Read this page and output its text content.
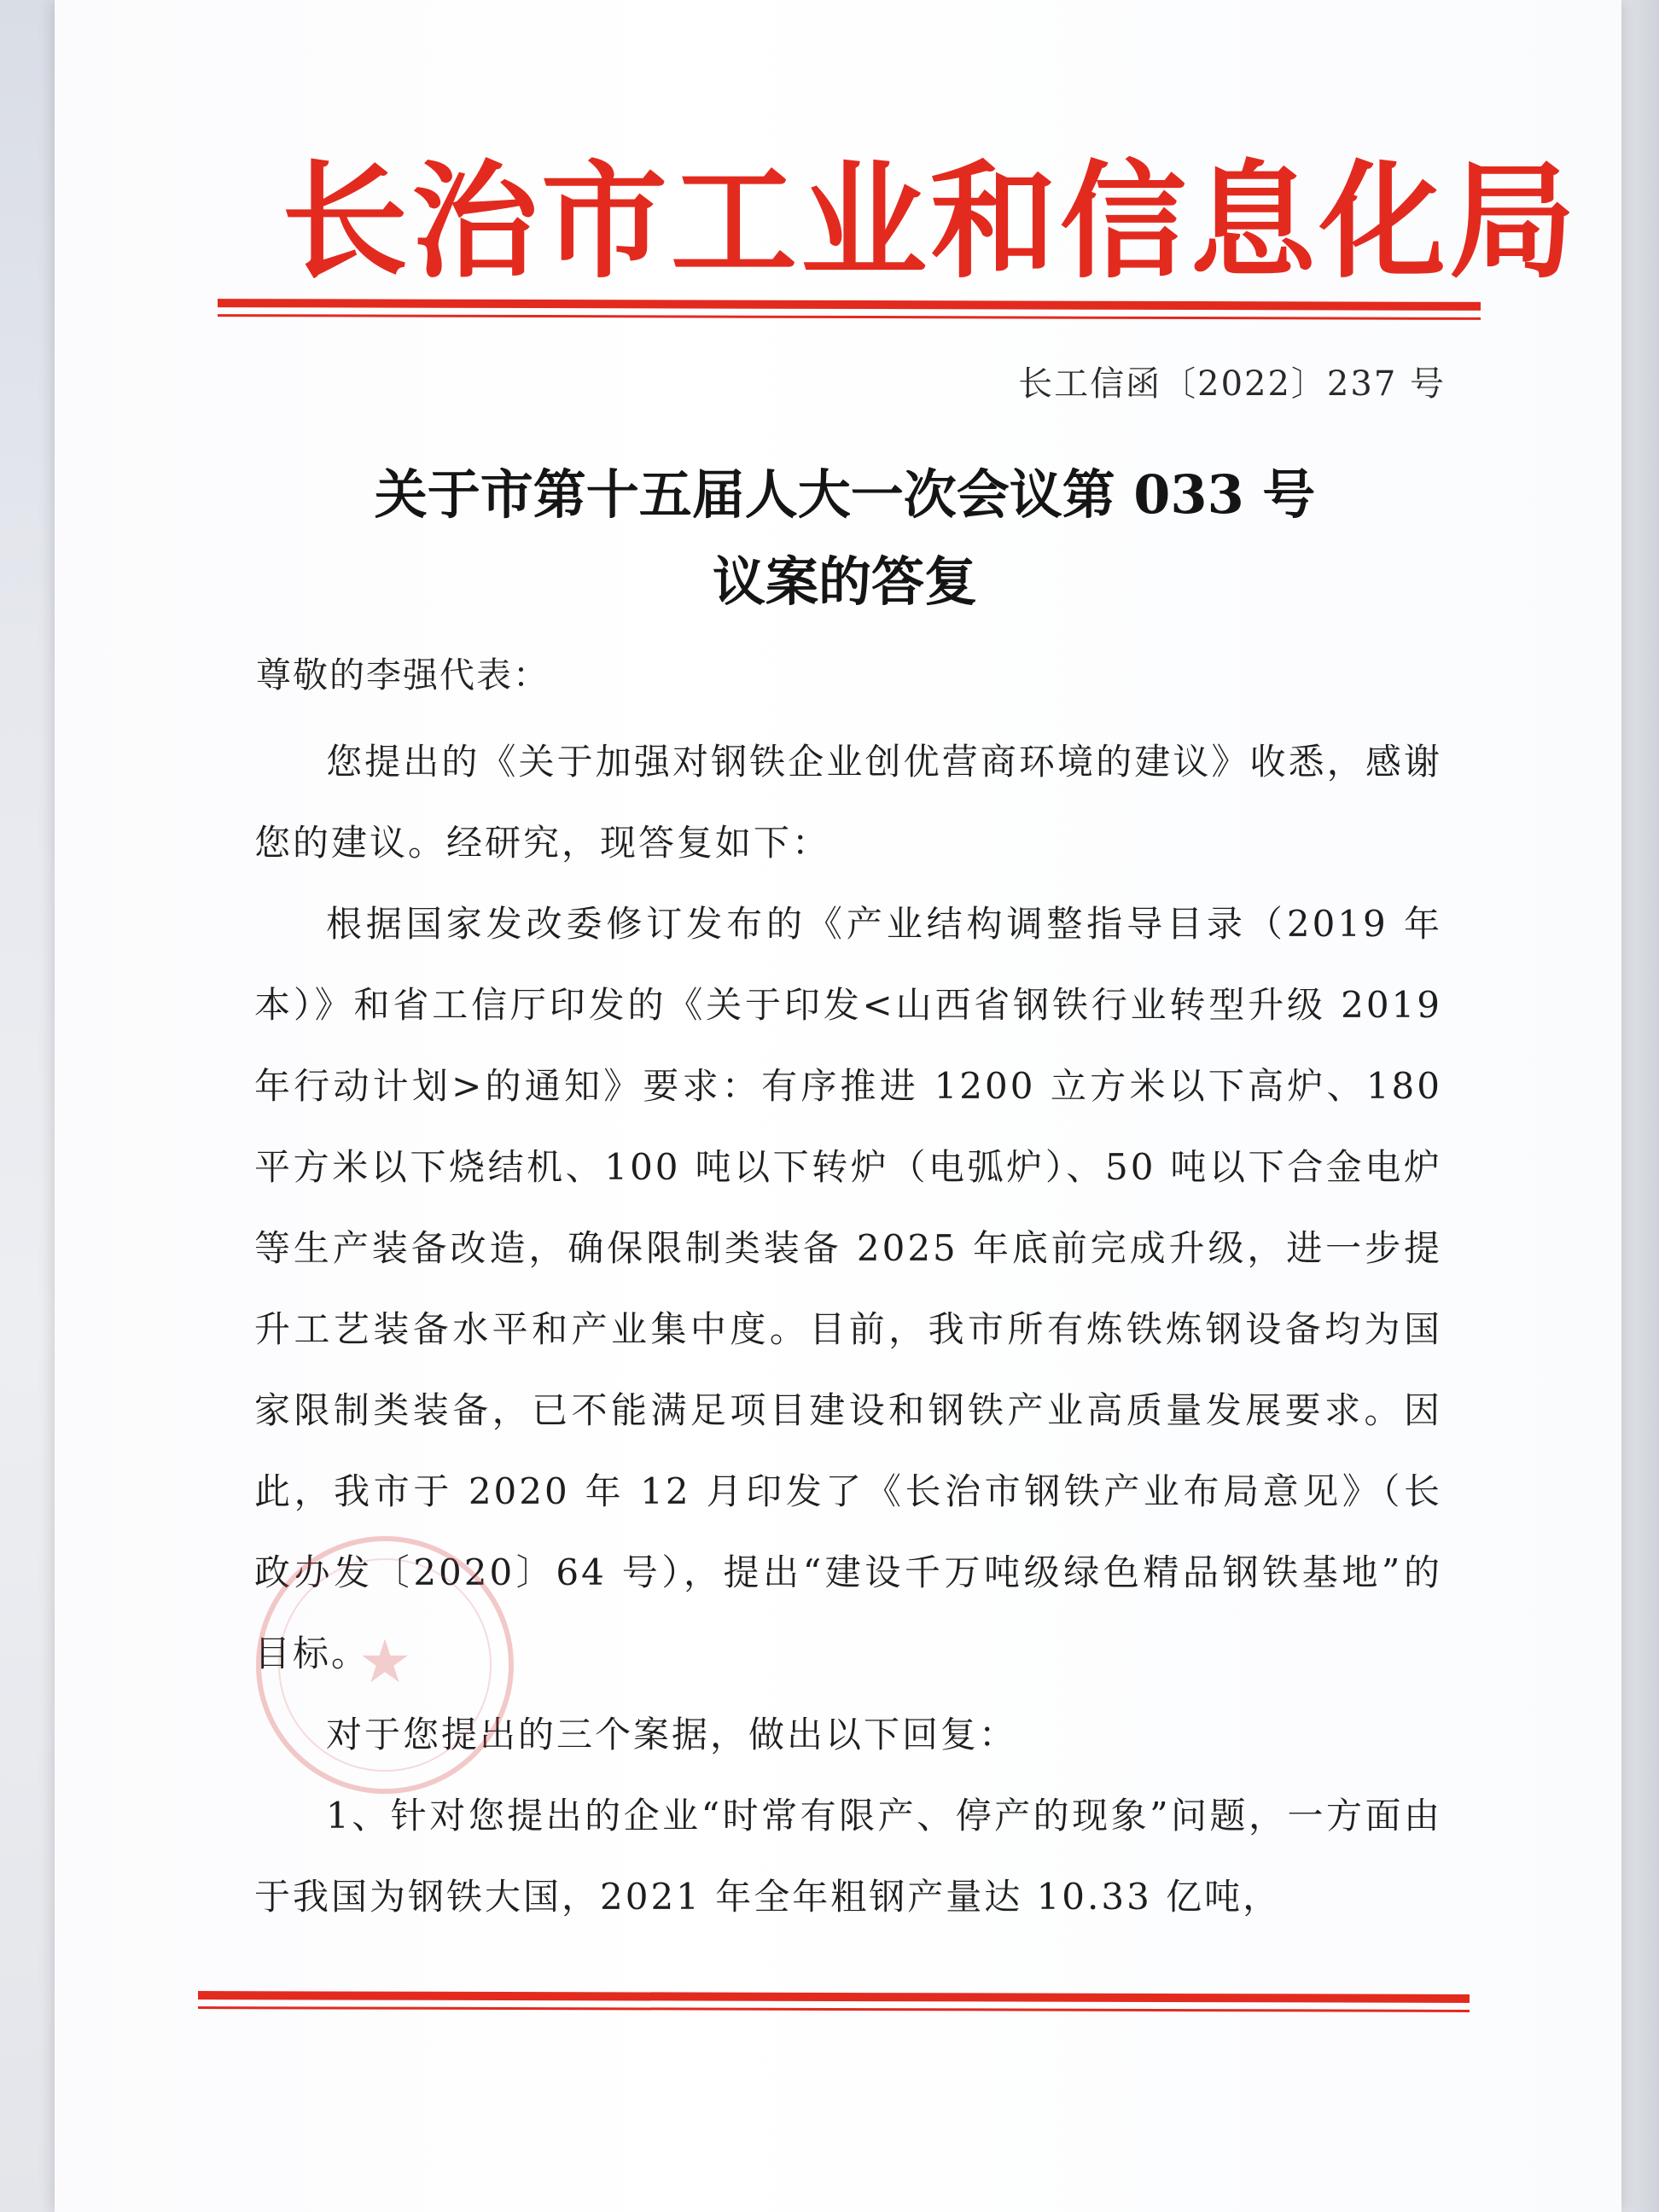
长治市工业和信息化局
长工信函〔2022〕237 号
关于市第十五届人大一次会议第 033 号
议案的答复
尊敬的李强代表：

您提出的《关于加强对钢铁企业创优营商环境的建议》收悉，感谢您的建议。经研究，现答复如下：

根据国家发改委修订发布的《产业结构调整指导目录（2019 年本）》和省工信厅印发的《关于印发<山西省钢铁行业转型升级 2019 年行动计划>的通知》要求：有序推进 1200 立方米以下高炉、180 平方米以下烧结机、100 吨以下转炉（电弧炉）、50 吨以下合金电炉等生产装备改造，确保限制类装备 2025 年底前完成升级，进一步提升工艺装备水平和产业集中度。目前，我市所有炼铁炼钢设备均为国家限制类装备，已不能满足项目建设和钢铁产业高质量发展要求。因此，我市于 2020 年 12 月印发了《长治市钢铁产业布局意见》（长政办发〔2020〕64 号），提出“建设千万吨级绿色精品钢铁基地”的目标。

对于您提出的三个案据，做出以下回复：

1、针对您提出的企业“时常有限产、停产的现象”问题，一方面由于我国为钢铁大国，2021 年全年粗钢产量达 10.33 亿吨，

★
